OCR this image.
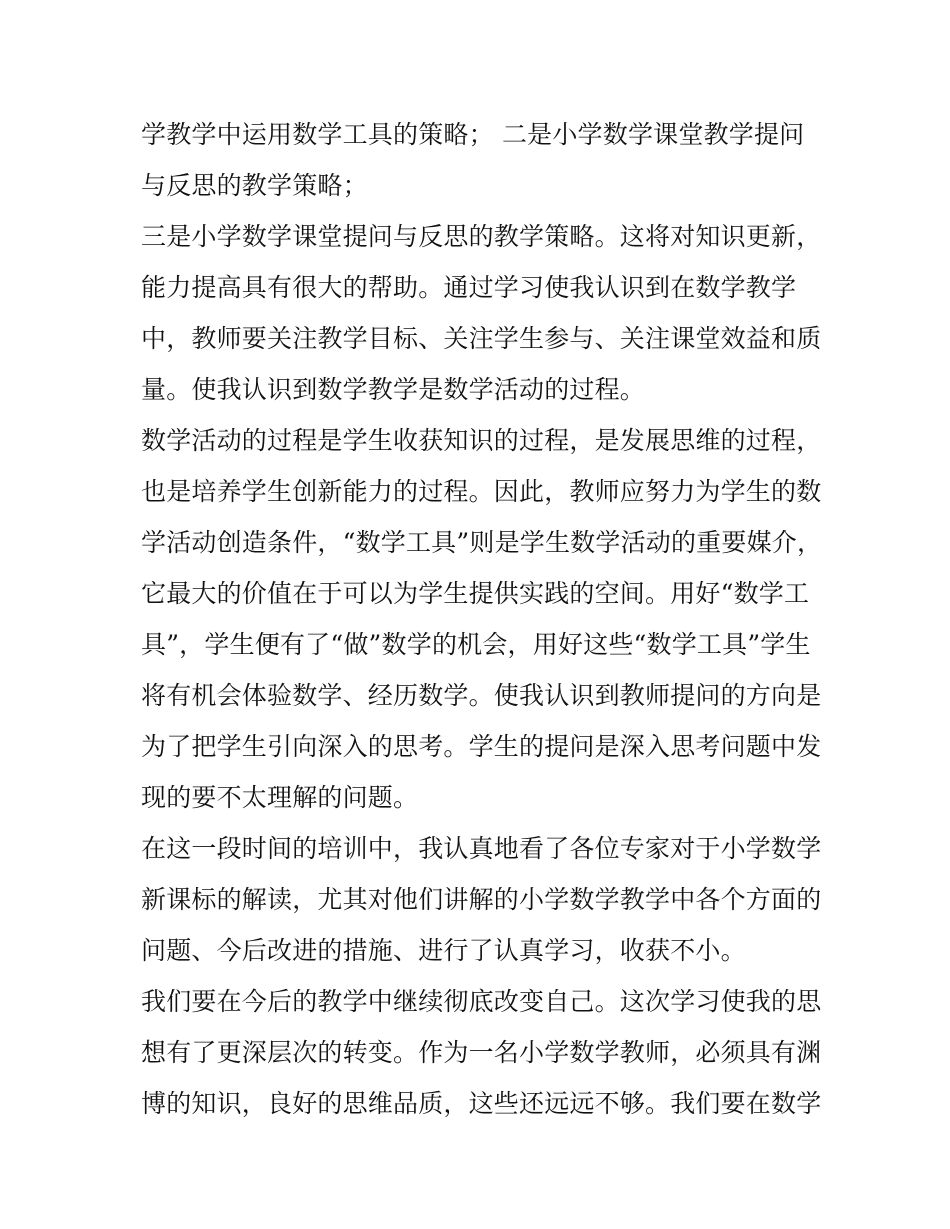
学教学中运用数学工具的策略； 二是小学数学课堂教学提问
与反思的教学策略；
三是小学数学课堂提问与反思的教学策略。这将对知识更新，
能力提高具有很大的帮助。通过学习使我认识到在数学教学
中，教师要关注教学目标、关注学生参与、关注课堂效益和质
量。使我认识到数学教学是数学活动的过程。
数学活动的过程是学生收获知识的过程，是发展思维的过程，
也是培养学生创新能力的过程。因此，教师应努力为学生的数
学活动创造条件，“数学工具”则是学生数学活动的重要媒介，
它最大的价值在于可以为学生提供实践的空间。用好“数学工
具”，学生便有了“做”数学的机会，用好这些“数学工具”学生
将有机会体验数学、经历数学。使我认识到教师提问的方向是
为了把学生引向深入的思考。学生的提问是深入思考问题中发
现的要不太理解的问题。
在这一段时间的培训中，我认真地看了各位专家对于小学数学
新课标的解读，尤其对他们讲解的小学数学教学中各个方面的
问题、今后改进的措施、进行了认真学习，收获不小。
我们要在今后的教学中继续彻底改变自己。这次学习使我的思
想有了更深层次的转变。作为一名小学数学教师，必须具有渊
博的知识，良好的思维品质，这些还远远不够。我们要在数学
